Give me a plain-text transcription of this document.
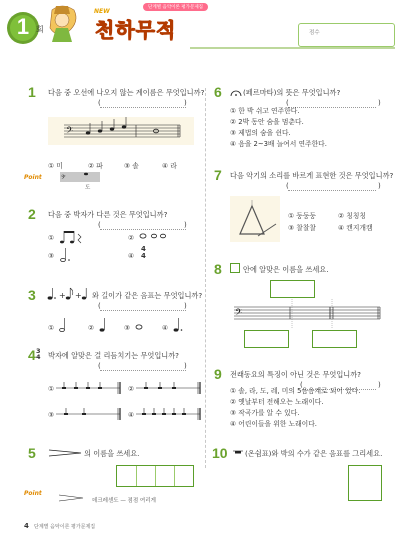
1 회	천하무적
NEW
단계별 음악이론 평가문제집
점수
1 다음 중 오선에 나오지 않는 계이름은 무엇입니까?
(	)
𝄢
① 미	② 파	③ 솔	④ 라
Point	𝄢
도
2 다음 중 박자가 다른 것은 무엇입니까?
(	)
①	②
③	④
4
4
3	+ + 와 길이가 같은 음표는 무엇입니까?
(	)
①	②	③	④
4 3
4 박자에 알맞은 걸 리듬치기는 무엇입니까?
(	)
①	②
③	④
5	의 이름을 쓰세요.
Point
데크레센도 — 점점 여리게
6	(페르마타)의 뜻은 무엇입니까?
(	)
① 한 박 쉬고 연주한다.
② 2박 동안 숨을 멈춘다.
③ 제법의 숨을 쉰다.
④ 음을 2~3배 늘여서 연주한다.
7 다음 악기의 소리를 바르게 표현한 것은 무엇입니까?
(	)
① 둥둥둥	② 칭칭칭
③ 찰찰찰	④ 캔지개캠
8	안에 알맞은 이름을 쓰세요.
𝄢
9 전래동요의 특징이 아닌 것은 무엇입니까?
(	)
① 솔, 라, 도, 레, 미의 5음음계로 되어 있다.
② 옛날부터 전해오는 노래이다.
③ 작곡가를 알 수 있다.
④ 어린이들을 위한 노래이다.
10 (온쉼표)와 박의 수가 같은 음표를 그리세요.
4 단계별 음악이론 평가문제집
